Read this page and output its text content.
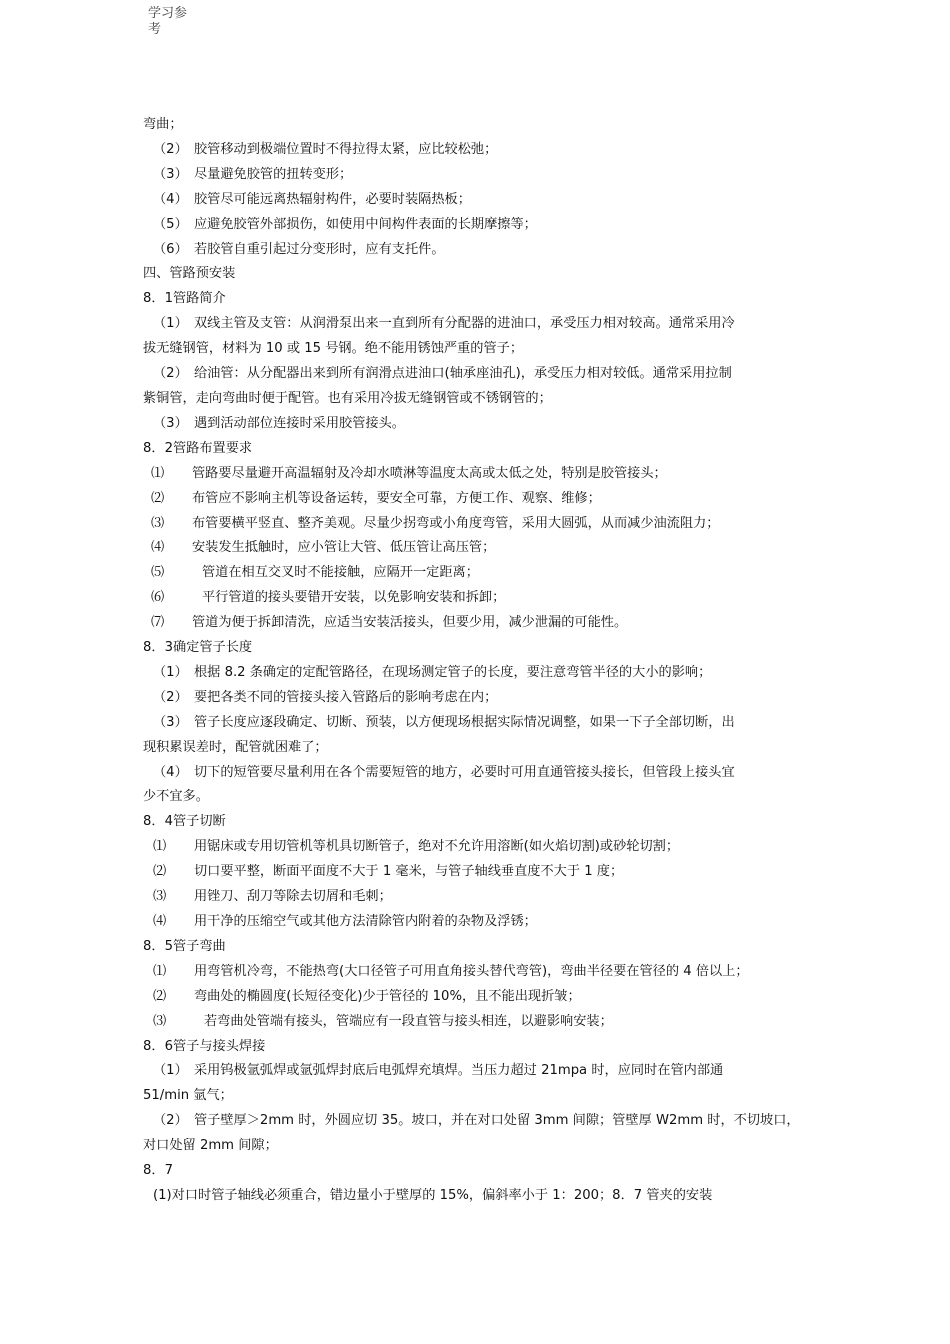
学习参
考
弯曲；
（2） 胶管移动到极端位置时不得拉得太紧，应比较松弛；
（3） 尽量避免胶管的扭转变形；
（4） 胶管尽可能远离热辐射构件，必要时装隔热板；
（5） 应避免胶管外部损伤，如使用中间构件表面的长期摩擦等；
（6） 若胶管自重引起过分变形时，应有支托件。
四、管路预安装
8．1管路简介
（1） 双线主管及支管：从润滑泵出来一直到所有分配器的进油口，承受压力相对较高。通常采用冷
拔无缝钢管，材料为 10 或 15 号钢。绝不能用锈蚀严重的管子；
（2） 给油管：从分配器出来到所有润滑点进油口(轴承座油孔)，承受压力相对较低。通常采用拉制
紫铜管，走向弯曲时便于配管。也有采用冷拔无缝钢管或不锈钢管的；
（3） 遇到活动部位连接时采用胶管接头。
8．2管路布置要求
⑴ 管路要尽量避开高温辐射及冷却水喷淋等温度太高或太低之处，特别是胶管接头；
⑵ 布管应不影响主机等设备运转，要安全可靠，方便工作、观察、维修；
⑶ 布管要横平竖直、整齐美观。尽量少拐弯或小角度弯管，采用大圆弧，从而减少油流阻力；
⑷ 安装发生抵触时，应小管让大管、低压管让高压管；
⑸	管道在相互交叉时不能接触，应隔开一定距离；
⑹	平行管道的接头要错开安装，以免影响安装和拆卸；
⑺ 管道为便于拆卸清洗，应适当安装活接头，但要少用，减少泄漏的可能性。
8．3确定管子长度
（1） 根据 8.2 条确定的定配管路径，在现场测定管子的长度，要注意弯管半径的大小的影响；
（2） 要把各类不同的管接头接入管路后的影响考虑在内；
（3） 管子长度应逐段确定、切断、预装，以方便现场根据实际情况调整，如果一下子全部切断，出
现积累误差时，配管就困难了；
（4） 切下的短管要尽量利用在各个需要短管的地方，必要时可用直通管接头接长，但管段上接头宜
少不宜多。
8．4管子切断
⑴ 用锯床或专用切管机等机具切断管子，绝对不允许用溶断(如火焰切割)或砂轮切割；
⑵ 切口要平整，断面平面度不大于 1 毫米，与管子轴线垂直度不大于 1 度；
⑶ 用锉刀、刮刀等除去切屑和毛刺；
⑷ 用干净的压缩空气或其他方法清除管内附着的杂物及浮锈；
8．5管子弯曲
⑴ 用弯管机冷弯，不能热弯(大口径管子可用直角接头替代弯管)，弯曲半径要在管径的 4 倍以上；
⑵ 弯曲处的椭圆度(长短径变化)少于管径的 10%，且不能出现折皱；
⑶	若弯曲处管端有接头，管端应有一段直管与接头相连，以避影响安装；
8．6管子与接头焊接
（1） 采用钨极氩弧焊或氩弧焊封底后电弧焊充填焊。当压力超过 21mpa 时，应同时在管内部通
51/min 氩气；
（2） 管子壁厚＞2mm 时，外圆应切 35。坡口，并在对口处留 3mm 间隙；管壁厚 W2mm 时，不切坡口，
对口处留 2mm 间隙；
8．7
(1)对口时管子轴线必须重合，错边量小于壁厚的 15%，偏斜率小于 1：200；8．7 管夹的安装
